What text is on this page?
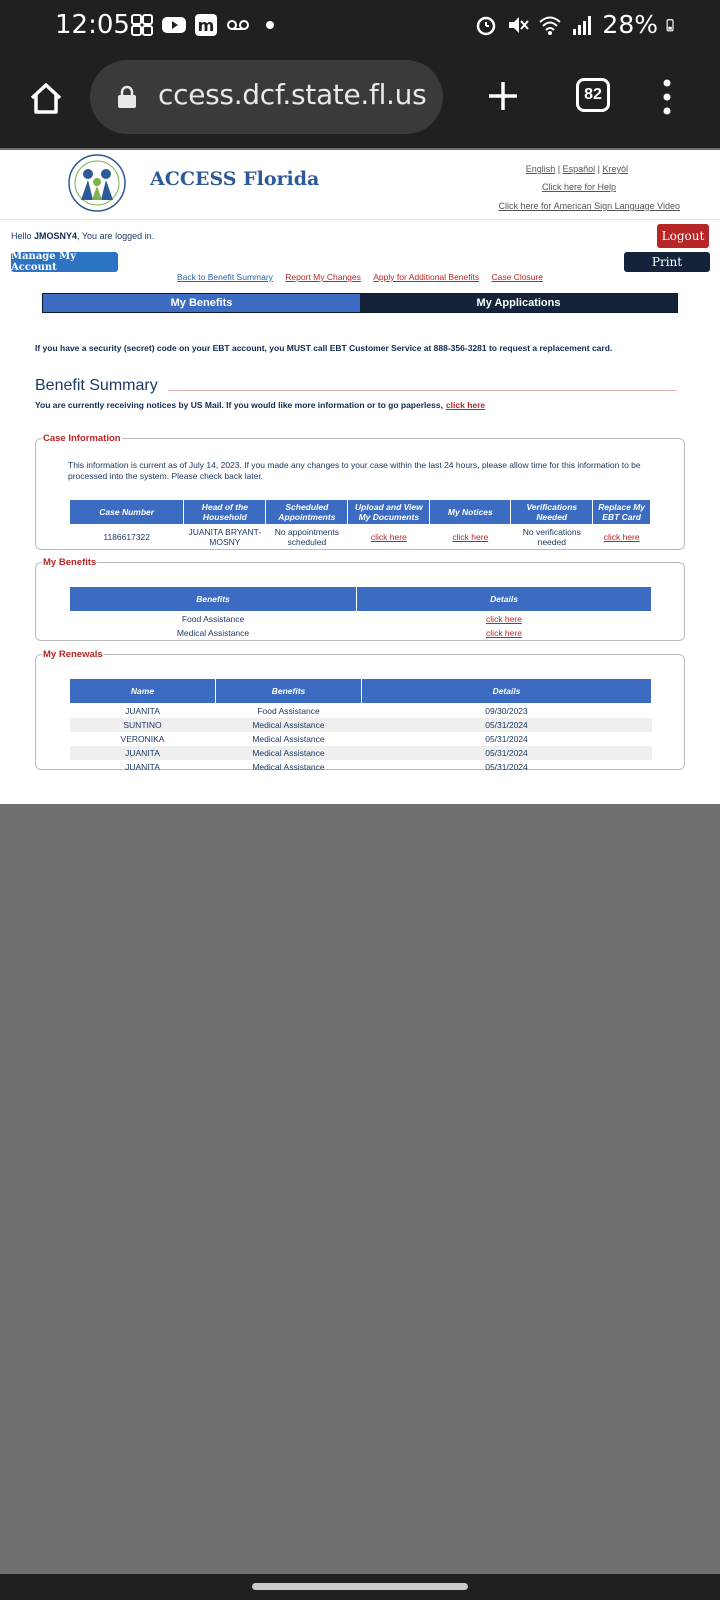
12:05	m	28%
ccess.dcf.state.fl.us	82
ACCESS Florida	English | Español | Kreyòl
Click here for Help
Click here for American Sign Language Video
Hello JMOSNY4, You are logged in.	Logout
Manage My Account	Print
Back to Benefit Summary Report My Changes Apply for Additional Benefits Case Closure
My Benefits	My Applications
If you have a security (secret) code on your EBT account, you MUST call EBT Customer Service at 888-356-3281 to request a replacement card.
Benefit Summary
You are currently receiving notices by US Mail. If you would like more information or to go paperless, click here
Case Information
This information is current as of July 14, 2023. If you made any changes to your case within the last 24 hours, please allow time for this information to be processed into the system. Please check back later.
Case Number	Head of the Household	Scheduled Appointments	Upload and View My Documents	My Notices	Verifications Needed	Replace My EBT Card
1186617322	JUANITA BRYANT-MOSNY	No appointments scheduled	click here	click here	No verifications needed	click here
My Benefits
Benefits	Details
Food Assistance	click here
Medical Assistance	click here
My Renewals
Name	Benefits	Details
JUANITA	Food Assistance	09/30/2023
SUNTINO	Medical Assistance	05/31/2024
VERONIKA	Medical Assistance	05/31/2024
JUANITA	Medical Assistance	05/31/2024
JUANITA	Medical Assistance	05/31/2024
